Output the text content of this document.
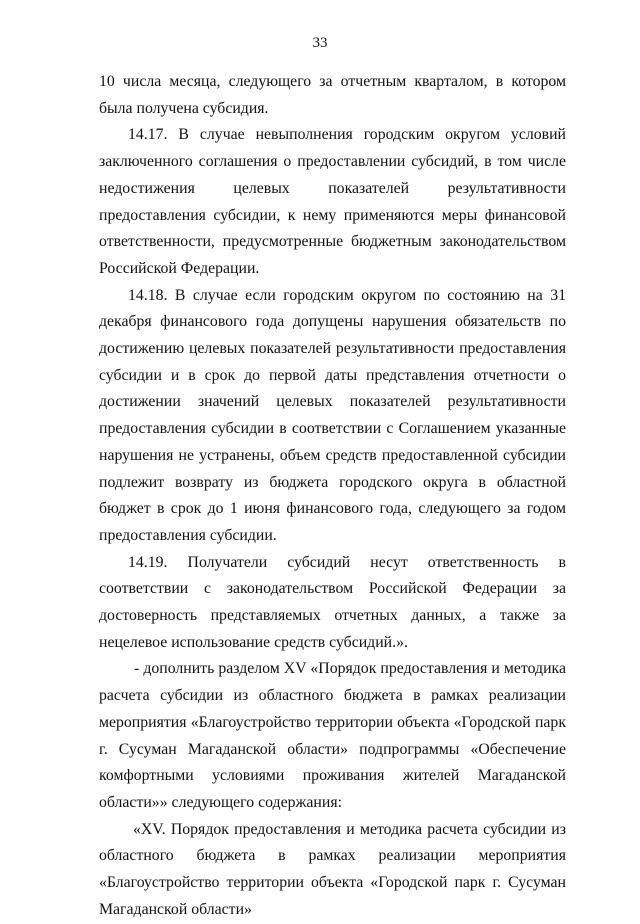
33

10 числа месяца, следующего за отчетным кварталом, в котором была получена субсидия.

14.17. В случае невыполнения городским округом условий заключенного соглашения о предоставлении субсидий, в том числе недостижения целевых показателей результативности предоставления субсидии, к нему применяются меры финансовой ответственности, предусмотренные бюджетным законодательством Российской Федерации.

14.18. В случае если городским округом по состоянию на 31 декабря финансового года допущены нарушения обязательств по достижению целевых показателей результативности предоставления субсидии и в срок до первой даты представления отчетности о достижении значений целевых показателей результативности предоставления субсидии в соответствии с Соглашением указанные нарушения не устранены, объем средств предоставленной субсидии подлежит возврату из бюджета городского округа в областной бюджет в срок до 1 июня финансового года, следующего за годом предоставления субсидии.

14.19. Получатели субсидий несут ответственность в соответствии с законодательством Российской Федерации за достоверность представляемых отчетных данных, а также за нецелевое использование средств субсидий.».

- дополнить разделом XV «Порядок предоставления и методика расчета субсидии из областного бюджета в рамках реализации мероприятия «Благоустройство территории объекта «Городской парк г. Сусуман Магаданской области» подпрограммы «Обеспечение комфортными условиями проживания жителей Магаданской области»» следующего содержания:

«XV. Порядок предоставления и методика расчета субсидии из областного бюджета в рамках реализации мероприятия «Благоустройство территории объекта «Городской парк г. Сусуман Магаданской области»
